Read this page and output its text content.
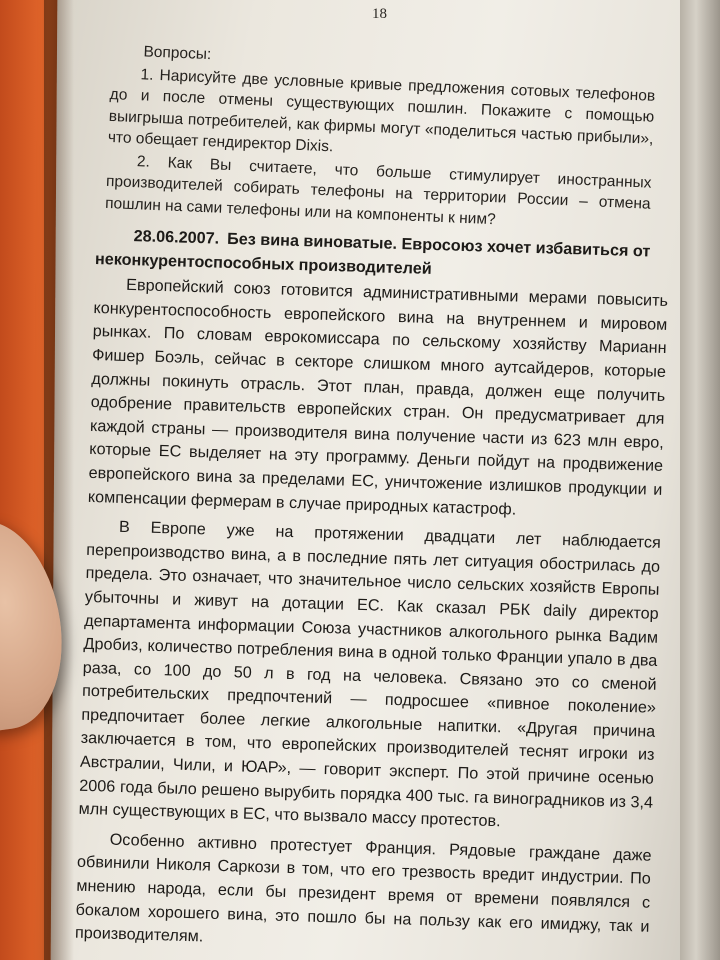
18

Вопросы:

1. Нарисуйте две условные кривые предложения сотовых телефонов до и после отмены существующих пошлин. Покажите с помощью выигрыша потребителей, как фирмы могут «поделиться частью прибыли», что обещает гендиректор Dixis.

2. Как Вы считаете, что больше стимулирует иностранных производителей собирать телефоны на территории России – отмена пошлин на сами телефоны или на компоненты к ним?

28.06.2007. Без вина виноватые. Евросоюз хочет избавиться от неконкурентоспособных производителей

Европейский союз готовится административными мерами повысить конкурентоспособность европейского вина на внутреннем и мировом рынках. По словам еврокомиссара по сельскому хозяйству Марианн Фишер Боэль, сейчас в секторе слишком много аутсайдеров, которые должны покинуть отрасль. Этот план, правда, должен еще получить одобрение правительств европейских стран. Он предусматривает для каждой страны — производителя вина получение части из 623 млн евро, которые ЕС выделяет на эту программу. Деньги пойдут на продвижение европейского вина за пределами ЕС, уничтожение излишков продукции и компенсации фермерам в случае природных катастроф.

В Европе уже на протяжении двадцати лет наблюдается перепроизводство вина, а в последние пять лет ситуация обострилась до предела. Это означает, что значительное число сельских хозяйств Европы убыточны и живут на дотации ЕС. Как сказал РБК daily директор департамента информации Союза участников алкогольного рынка Вадим Дробиз, количество потребления вина в одной только Франции упало в два раза, со 100 до 50 л в год на человека. Связано это со сменой потребительских предпочтений — подросшее «пивное поколение» предпочитает более легкие алкогольные напитки. «Другая причина заключается в том, что европейских производителей теснят игроки из Австралии, Чили, и ЮАР», — говорит эксперт. По этой причине осенью 2006 года было решено вырубить порядка 400 тыс. га виноградников из 3,4 млн существующих в ЕС, что вызвало массу протестов.

Особенно активно протестует Франция. Рядовые граждане даже обвинили Николя Саркози в том, что его трезвость вредит индустрии. По мнению народа, если бы президент время от времени появлялся с бокалом хорошего вина, это пошло бы на пользу как его имиджу, так и производителям.
